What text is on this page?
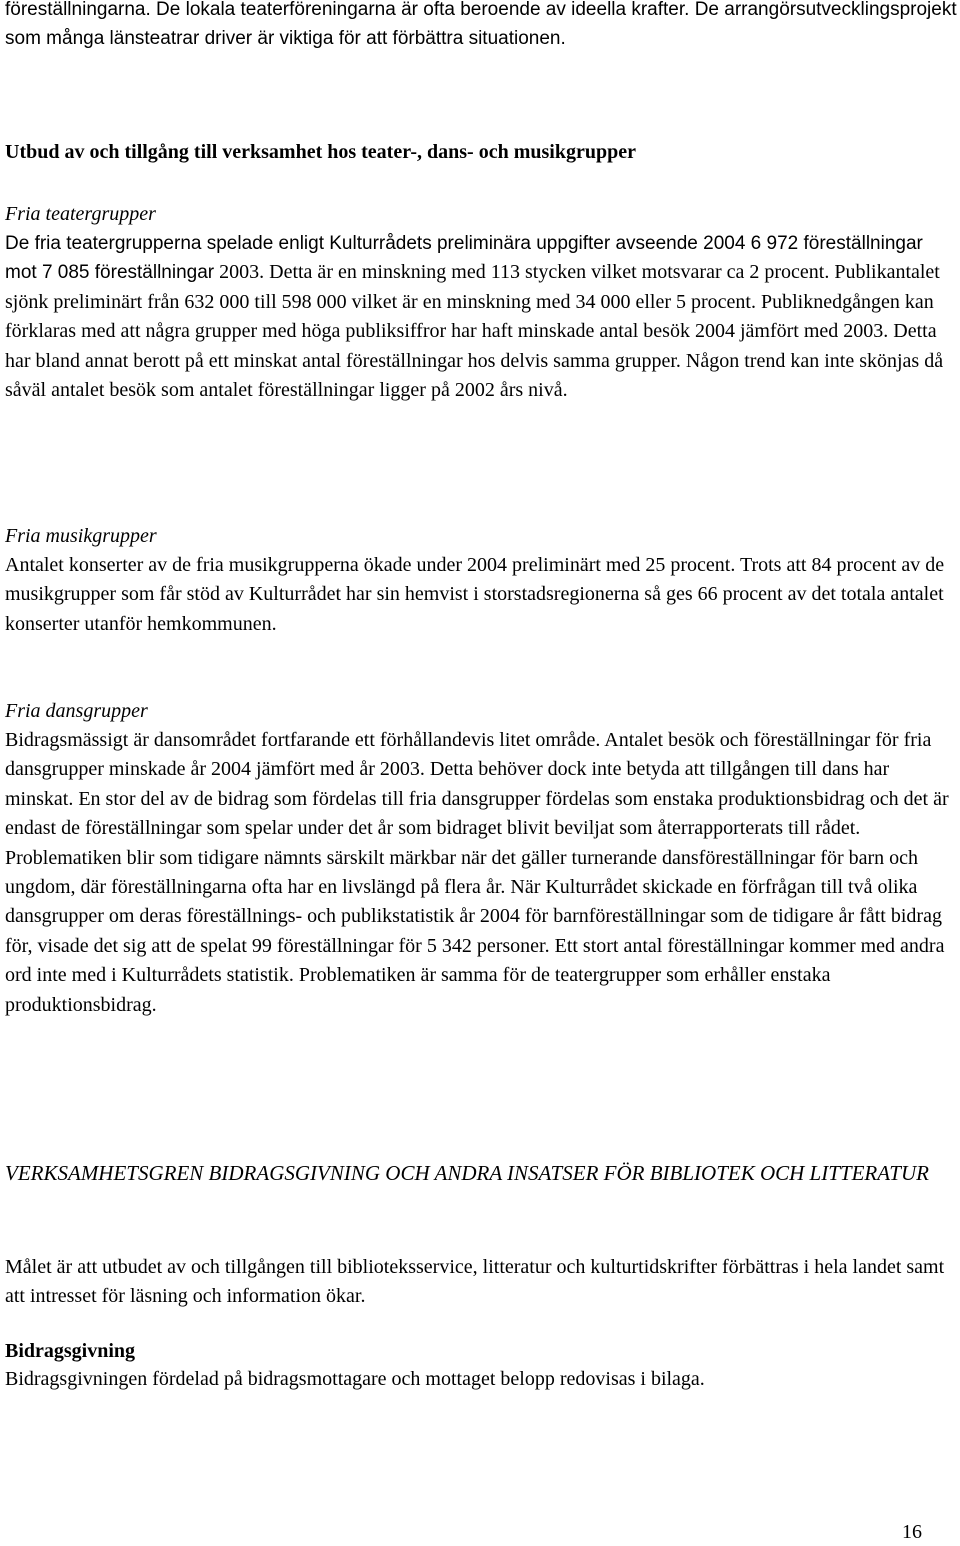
föreställningarna. De lokala teaterföreningarna är ofta beroende av ideella krafter. De arrangörsutvecklingsprojekt som många länsteatrar driver är viktiga för att förbättra situationen.

Utbud av och tillgång till verksamhet hos teater-, dans- och musikgrupper

Fria teatergrupper

De fria teatergrupperna spelade enligt Kulturrådets preliminära uppgifter avseende 2004 6 972 föreställningar mot 7 085 föreställningar 2003. Detta är en minskning med 113 stycken vilket motsvarar ca 2 procent. Publikantalet sjönk preliminärt från 632 000 till 598 000 vilket är en minskning med 34 000 eller 5 procent. Publiknedgången kan förklaras med att några grupper med höga publiksiffror har haft minskade antal besök 2004 jämfört med 2003. Detta har bland annat berott på ett minskat antal föreställningar hos delvis samma grupper. Någon trend kan inte skönjas då såväl antalet besök som antalet föreställningar ligger på 2002 års nivå.

Fria musikgrupper

Antalet konserter av de fria musikgrupperna ökade under 2004 preliminärt med 25 procent. Trots att 84 procent av de musikgrupper som får stöd av Kulturrådet har sin hemvist i storstadsregionerna så ges 66 procent av det totala antalet konserter utanför hemkommunen.

Fria dansgrupper

Bidragsmässigt är dansområdet fortfarande ett förhållandevis litet område. Antalet besök och föreställningar för fria dansgrupper minskade år 2004 jämfört med år 2003. Detta behöver dock inte betyda att tillgången till dans har minskat. En stor del av de bidrag som fördelas till fria dansgrupper fördelas som enstaka produktionsbidrag och det är endast de föreställningar som spelar under det år som bidraget blivit beviljat som återrapporterats till rådet. Problematiken blir som tidigare nämnts särskilt märkbar när det gäller turnerande dansföreställningar för barn och ungdom, där föreställningarna ofta har en livslängd på flera år. När Kulturrådet skickade en förfrågan till två olika dansgrupper om deras föreställnings- och publikstatistik år 2004 för barnföreställningar som de tidigare år fått bidrag för, visade det sig att de spelat 99 föreställningar för 5 342 personer. Ett stort antal föreställningar kommer med andra ord inte med i Kulturrådets statistik. Problematiken är samma för de teatergrupper som erhåller enstaka produktionsbidrag.

VERKSAMHETSGREN BIDRAGSGIVNING OCH ANDRA INSATSER FÖR BIBLIOTEK OCH LITTERATUR

Målet är att utbudet av och tillgången till biblioteksservice, litteratur och kulturtidskrifter förbättras i hela landet samt att intresset för läsning och information ökar.

Bidragsgivning

Bidragsgivningen fördelad på bidragsmottagare och mottaget belopp redovisas i bilaga.

16
